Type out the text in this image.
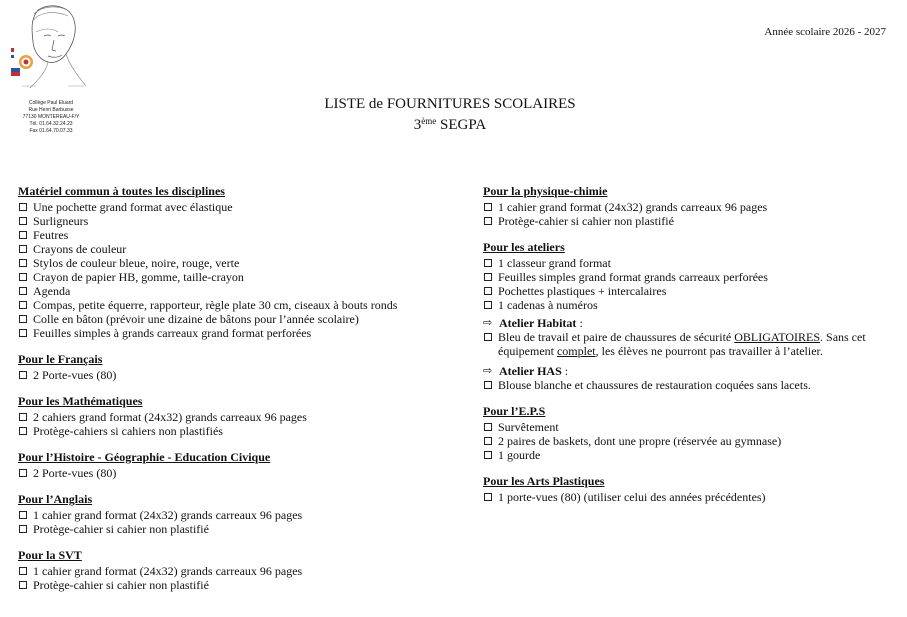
Collège Paul Eluard
Rue Henri Barbusse
77130 MONTEREAU-F/Y
Tél. 01.64.32.24.23
Fax 01.64.70.07.33
Année scolaire 2026 - 2027
LISTE de FOURNITURES SCOLAIRES
3ème SEGPA
Matériel commun à toutes les disciplines
Une pochette grand format avec élastique
Surligneurs
Feutres
Crayons de couleur
Stylos de couleur bleue, noire, rouge, verte
Crayon de papier HB, gomme, taille-crayon
Agenda
Compas, petite équerre, rapporteur, règle plate 30 cm, ciseaux à bouts ronds
Colle en bâton (prévoir une dizaine de bâtons pour l’année scolaire)
Feuilles simples à grands carreaux grand format perforées
Pour le Français
2 Porte-vues (80)
Pour les Mathématiques
2 cahiers grand format (24x32) grands carreaux 96 pages
Protège-cahiers si cahiers non plastifiés
Pour l’Histoire - Géographie - Education Civique
2 Porte-vues (80)
Pour l’Anglais
1 cahier grand format (24x32) grands carreaux 96 pages
Protège-cahier si cahier non plastifié
Pour la SVT
1 cahier grand format (24x32) grands carreaux 96 pages
Protège-cahier si cahier non plastifié
Pour la physique-chimie
1 cahier grand format (24x32) grands carreaux 96 pages
Protège-cahier si cahier non plastifié
Pour les ateliers
1 classeur grand format
Feuilles simples grand format grands carreaux perforées
Pochettes plastiques + intercalaires
1 cadenas à numéros
⇨ Atelier Habitat :
Bleu de travail et paire de chaussures de sécurité OBLIGATOIRES. Sans cet équipement complet, les élèves ne pourront pas travailler à l’atelier.
⇨ Atelier HAS :
Blouse blanche et chaussures de restauration coquées sans lacets.
Pour l’E.P.S
Survêtement
2 paires de baskets, dont une propre (réservée au gymnase)
1 gourde
Pour les Arts Plastiques
1 porte-vues (80) (utiliser celui des années précédentes)
